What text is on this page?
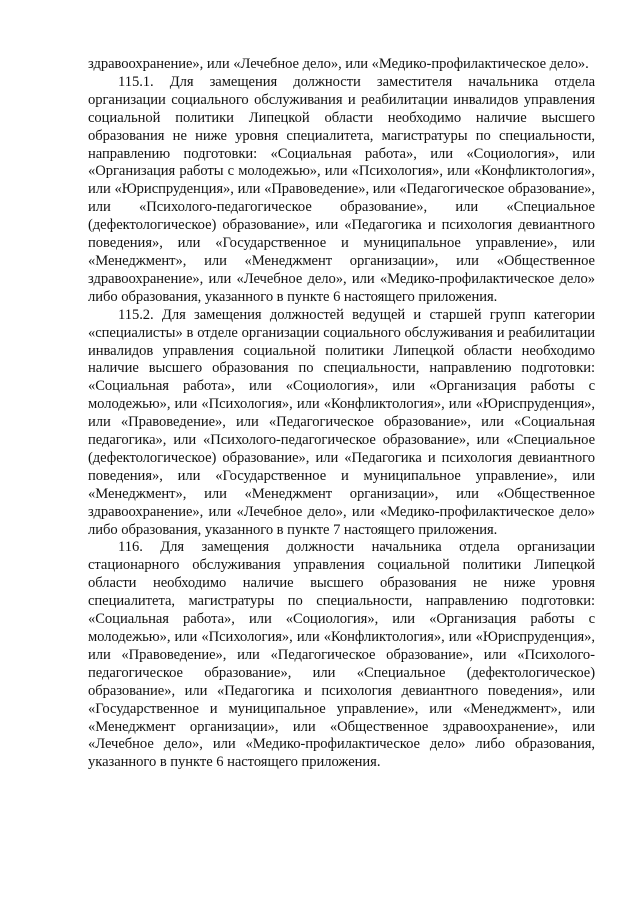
здравоохранение», или «Лечебное дело», или «Медико-профилактическое дело».

115.1. Для замещения должности заместителя начальника отдела организации социального обслуживания и реабилитации инвалидов управления социальной политики Липецкой области необходимо наличие высшего образования не ниже уровня специалитета, магистратуры по специальности, направлению подготовки: «Социальная работа», или «Социология», или «Организация работы с молодежью», или «Психология», или «Конфликтология», или «Юриспруденция», или «Правоведение», или «Педагогическое образование», или «Психолого-педагогическое образование», или «Специальное (дефектологическое) образование», или «Педагогика и психология девиантного поведения», или «Государственное и муниципальное управление», или «Менеджмент», или «Менеджмент организации», или «Общественное здравоохранение», или «Лечебное дело», или «Медико-профилактическое дело» либо образования, указанного в пункте 6 настоящего приложения.

115.2. Для замещения должностей ведущей и старшей групп категории «специалисты» в отделе организации социального обслуживания и реабилитации инвалидов управления социальной политики Липецкой области необходимо наличие высшего образования по специальности, направлению подготовки: «Социальная работа», или «Социология», или «Организация работы с молодежью», или «Психология», или «Конфликтология», или «Юриспруденция», или «Правоведение», или «Педагогическое образование», или «Социальная педагогика», или «Психолого-педагогическое образование», или «Специальное (дефектологическое) образование», или «Педагогика и психология девиантного поведения», или «Государственное и муниципальное управление», или «Менеджмент», или «Менеджмент организации», или «Общественное здравоохранение», или «Лечебное дело», или «Медико-профилактическое дело» либо образования, указанного в пункте 7 настоящего приложения.

116. Для замещения должности начальника отдела организации стационарного обслуживания управления социальной политики Липецкой области необходимо наличие высшего образования не ниже уровня специалитета, магистратуры по специальности, направлению подготовки: «Социальная работа», или «Социология», или «Организация работы с молодежью», или «Психология», или «Конфликтология», или «Юриспруденция», или «Правоведение», или «Педагогическое образование», или «Психолого-педагогическое образование», или «Специальное (дефектологическое) образование», или «Педагогика и психология девиантного поведения», или «Государственное и муниципальное управление», или «Менеджмент», или «Менеджмент организации», или «Общественное здравоохранение», или «Лечебное дело», или «Медико-профилактическое дело» либо образования, указанного в пункте 6 настоящего приложения.
